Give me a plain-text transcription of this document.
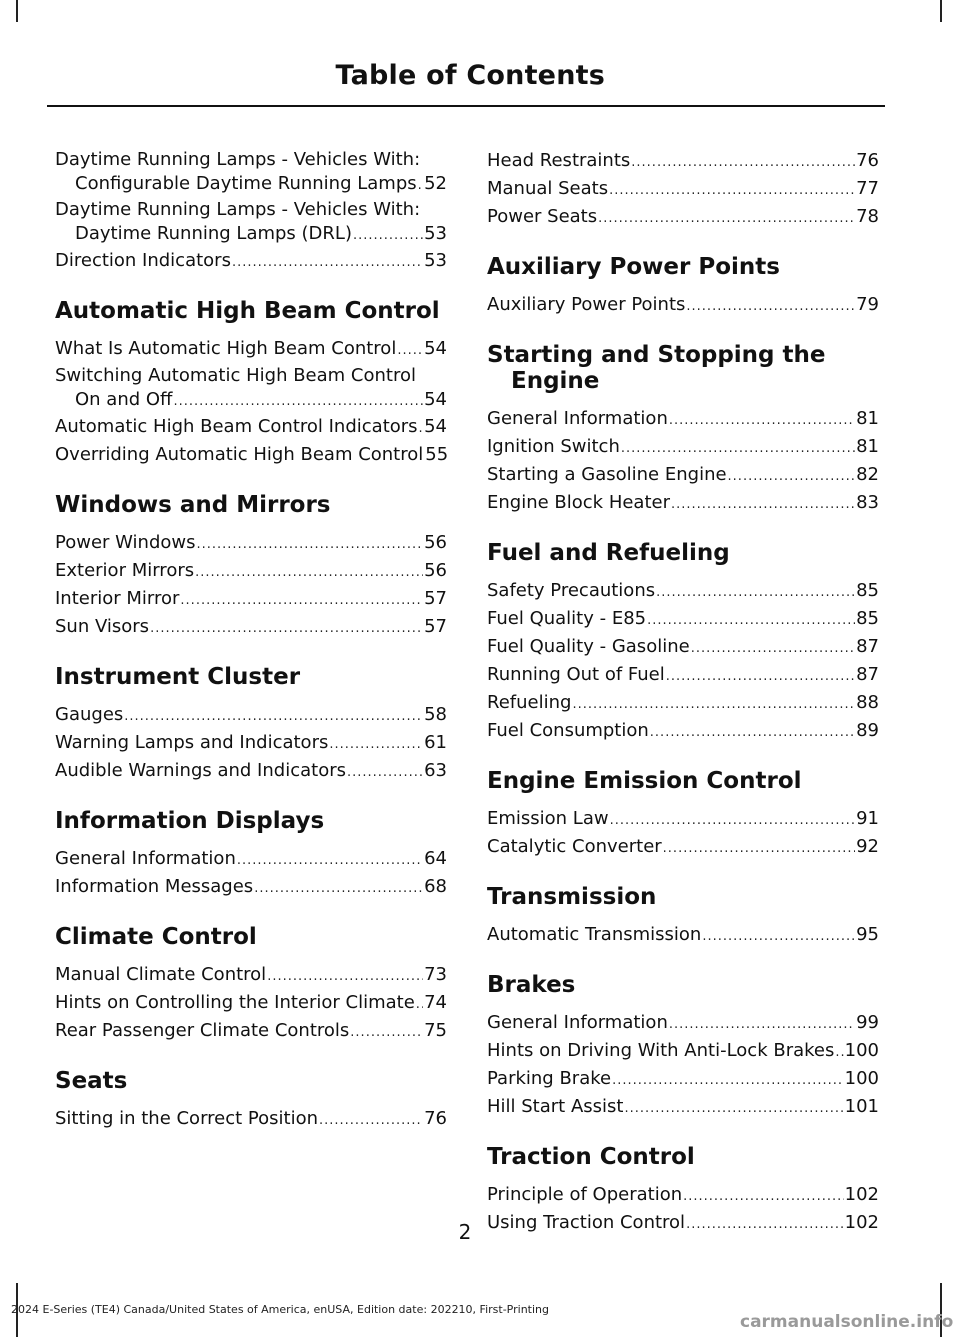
Table of Contents
Daytime Running Lamps - Vehicles With:
Configurable Daytime Running Lamps ..... 52
Daytime Running Lamps - Vehicles With:
Daytime Running Lamps (DRL) .....	53
Direction Indicators .....	53
Automatic High Beam Control
What Is Automatic High Beam Control ..... 54
Switching Automatic High Beam Control
On and Off .....	54
Automatic High Beam Control Indicators ..... 54
Overriding Automatic High Beam Control 55
Windows and Mirrors
Power Windows .....	56
Exterior Mirrors .....	56
Interior Mirror .....	57
Sun Visors .....	57
Instrument Cluster
Gauges .....	58
Warning Lamps and Indicators .....	61
Audible Warnings and Indicators .....	63
Information Displays
General Information .....	64
Information Messages .....	68
Climate Control
Manual Climate Control .....	73
Hints on Controlling the Interior Climate ..... 74
Rear Passenger Climate Controls .....	75
Seats
Sitting in the Correct Position .....	76
Head Restraints .....	76
Manual Seats .....	77
Power Seats .....	78
Auxiliary Power Points
Auxiliary Power Points .....	79
Starting and Stopping the
Engine
General Information .....	81
Ignition Switch .....	81
Starting a Gasoline Engine .....	82
Engine Block Heater .....	83
Fuel and Refueling
Safety Precautions .....	85
Fuel Quality - E85 .....	85
Fuel Quality - Gasoline .....	87
Running Out of Fuel .....	87
Refueling .....	88
Fuel Consumption .....	89
Engine Emission Control
Emission Law .....	91
Catalytic Converter .....	92
Transmission
Automatic Transmission .....	95
Brakes
General Information .....	99
Hints on Driving With Anti-Lock Brakes ..... 100
Parking Brake .....	100
Hill Start Assist .....	101
Traction Control
Principle of Operation .....	102
Using Traction Control .....	102
2
2024 E-Series (TE4) Canada/United States of America, enUSA, Edition date: 202210, First-Printing
carmanualsonline.info
